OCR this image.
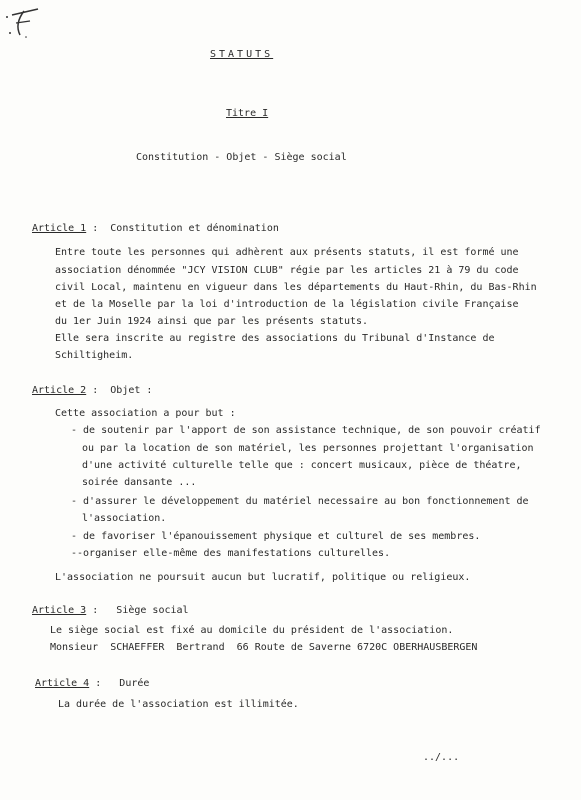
STATUTS
Titre I
Constitution - Objet - Siège social
Article 1 :  Constitution et dénomination
Entre toute les personnes qui adhèrent aux présents statuts, il est formé une
association dénommée "JCY VISION CLUB" régie par les articles 21 à 79 du code
civil Local, maintenu en vigueur dans les départements du Haut-Rhin, du Bas-Rhin
et de la Moselle par la loi d'introduction de la législation civile Française
du 1er Juin 1924 ainsi que par les présents statuts.
Elle sera inscrite au registre des associations du Tribunal d'Instance de
Schiltigheim.
Article 2 :  Objet :
Cette association a pour but :
- de soutenir par l'apport de son assistance technique, de son pouvoir créatif
ou par la location de son matériel, les personnes projettant l'organisation
d'une activité culturelle telle que : concert musicaux, pièce de théatre,
soirée dansante ...
- d'assurer le développement du matériel necessaire au bon fonctionnement de
l'association.
- de favoriser l'épanouissement physique et culturel de ses membres.
--organiser elle-même des manifestations culturelles.
L'association ne poursuit aucun but lucratif, politique ou religieux.
Article 3 :   Siège social
Le siège social est fixé au domicile du président de l'association.
Monsieur  SCHAEFFER  Bertrand  66 Route de Saverne 6720C OBERHAUSBERGEN
Article 4 :   Durée
La durée de l'association est illimitée.
../...
